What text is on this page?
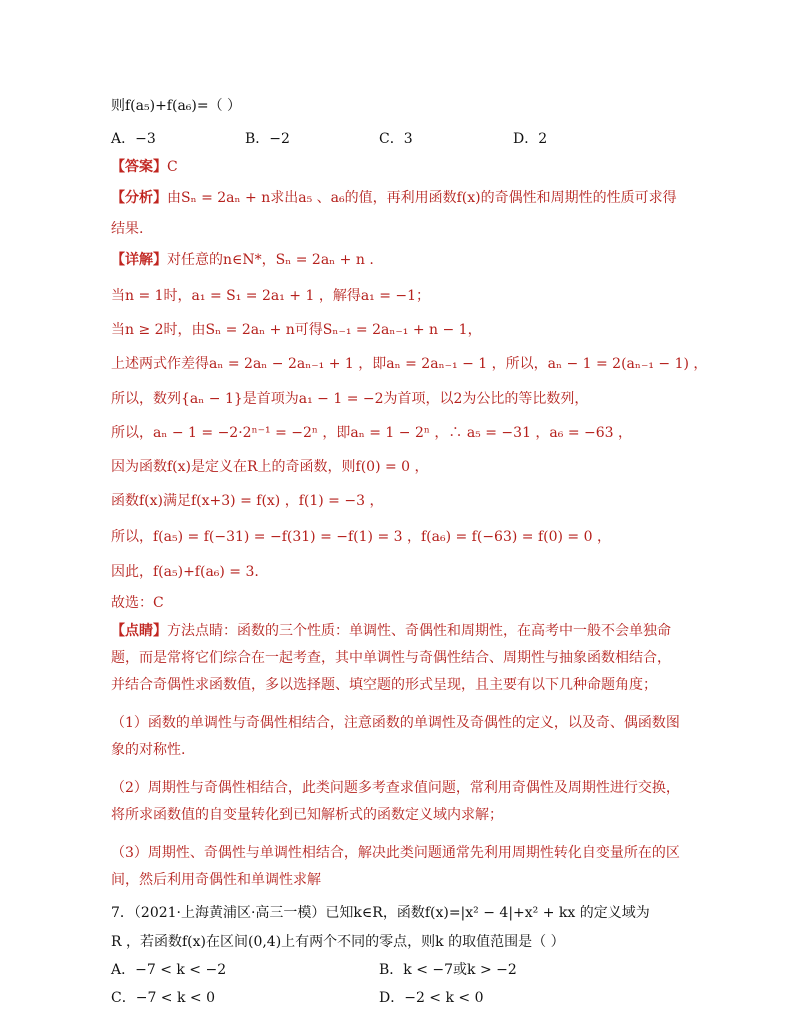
则f(a₅)+f(a₆)=（ ）
A．−3	B．−2	C．3	D．2
【答案】C
【分析】由Sₙ = 2aₙ + n求出a₅ 、a₆的值，再利用函数f(x)的奇偶性和周期性的性质可求得
结果.
【详解】对任意的n∈N*，Sₙ = 2aₙ + n .
当n = 1时，a₁ = S₁ = 2a₁ + 1 ，解得a₁ = −1；
当n ≥ 2时，由Sₙ = 2aₙ + n可得Sₙ₋₁ = 2aₙ₋₁ + n − 1，
上述两式作差得aₙ = 2aₙ − 2aₙ₋₁ + 1 ，即aₙ = 2aₙ₋₁ − 1 ，所以，aₙ − 1 = 2(aₙ₋₁ − 1) ，
所以，数列{aₙ − 1}是首项为a₁ − 1 = −2为首项，以2为公比的等比数列，
所以，aₙ − 1 = −2·2ⁿ⁻¹ = −2ⁿ ，即aₙ = 1 − 2ⁿ ，∴ a₅ = −31 ，a₆ = −63 ，
因为函数f(x)是定义在R上的奇函数，则f(0) = 0 ，
函数f(x)满足f(x+3) = f(x) ，f(1) = −3 ，
所以，f(a₅) = f(−31) = −f(31) = −f(1) = 3 ，f(a₆) = f(−63) = f(0) = 0 ，
因此，f(a₅)+f(a₆) = 3.
故选：C
【点睛】方法点睛：函数的三个性质：单调性、奇偶性和周期性，在高考中一般不会单独命
题，而是常将它们综合在一起考查，其中单调性与奇偶性结合、周期性与抽象函数相结合，
并结合奇偶性求函数值，多以选择题、填空题的形式呈现，且主要有以下几种命题角度；
（1）函数的单调性与奇偶性相结合，注意函数的单调性及奇偶性的定义，以及奇、偶函数图
象的对称性.
（2）周期性与奇偶性相结合，此类问题多考查求值问题，常利用奇偶性及周期性进行交换，
将所求函数值的自变量转化到已知解析式的函数定义域内求解；
（3）周期性、奇偶性与单调性相结合，解决此类问题通常先利用周期性转化自变量所在的区
间，然后利用奇偶性和单调性求解
7．（2021·上海黄浦区·高三一模）已知k∈R，函数f(x)=|x² − 4|+x² + kx 的定义域为
R ，若函数f(x)在区间(0,4)上有两个不同的零点，则k 的取值范围是（ ）
A．−7 < k < −2	B．k < −7或k > −2
C．−7 < k < 0	D．−2 < k < 0
